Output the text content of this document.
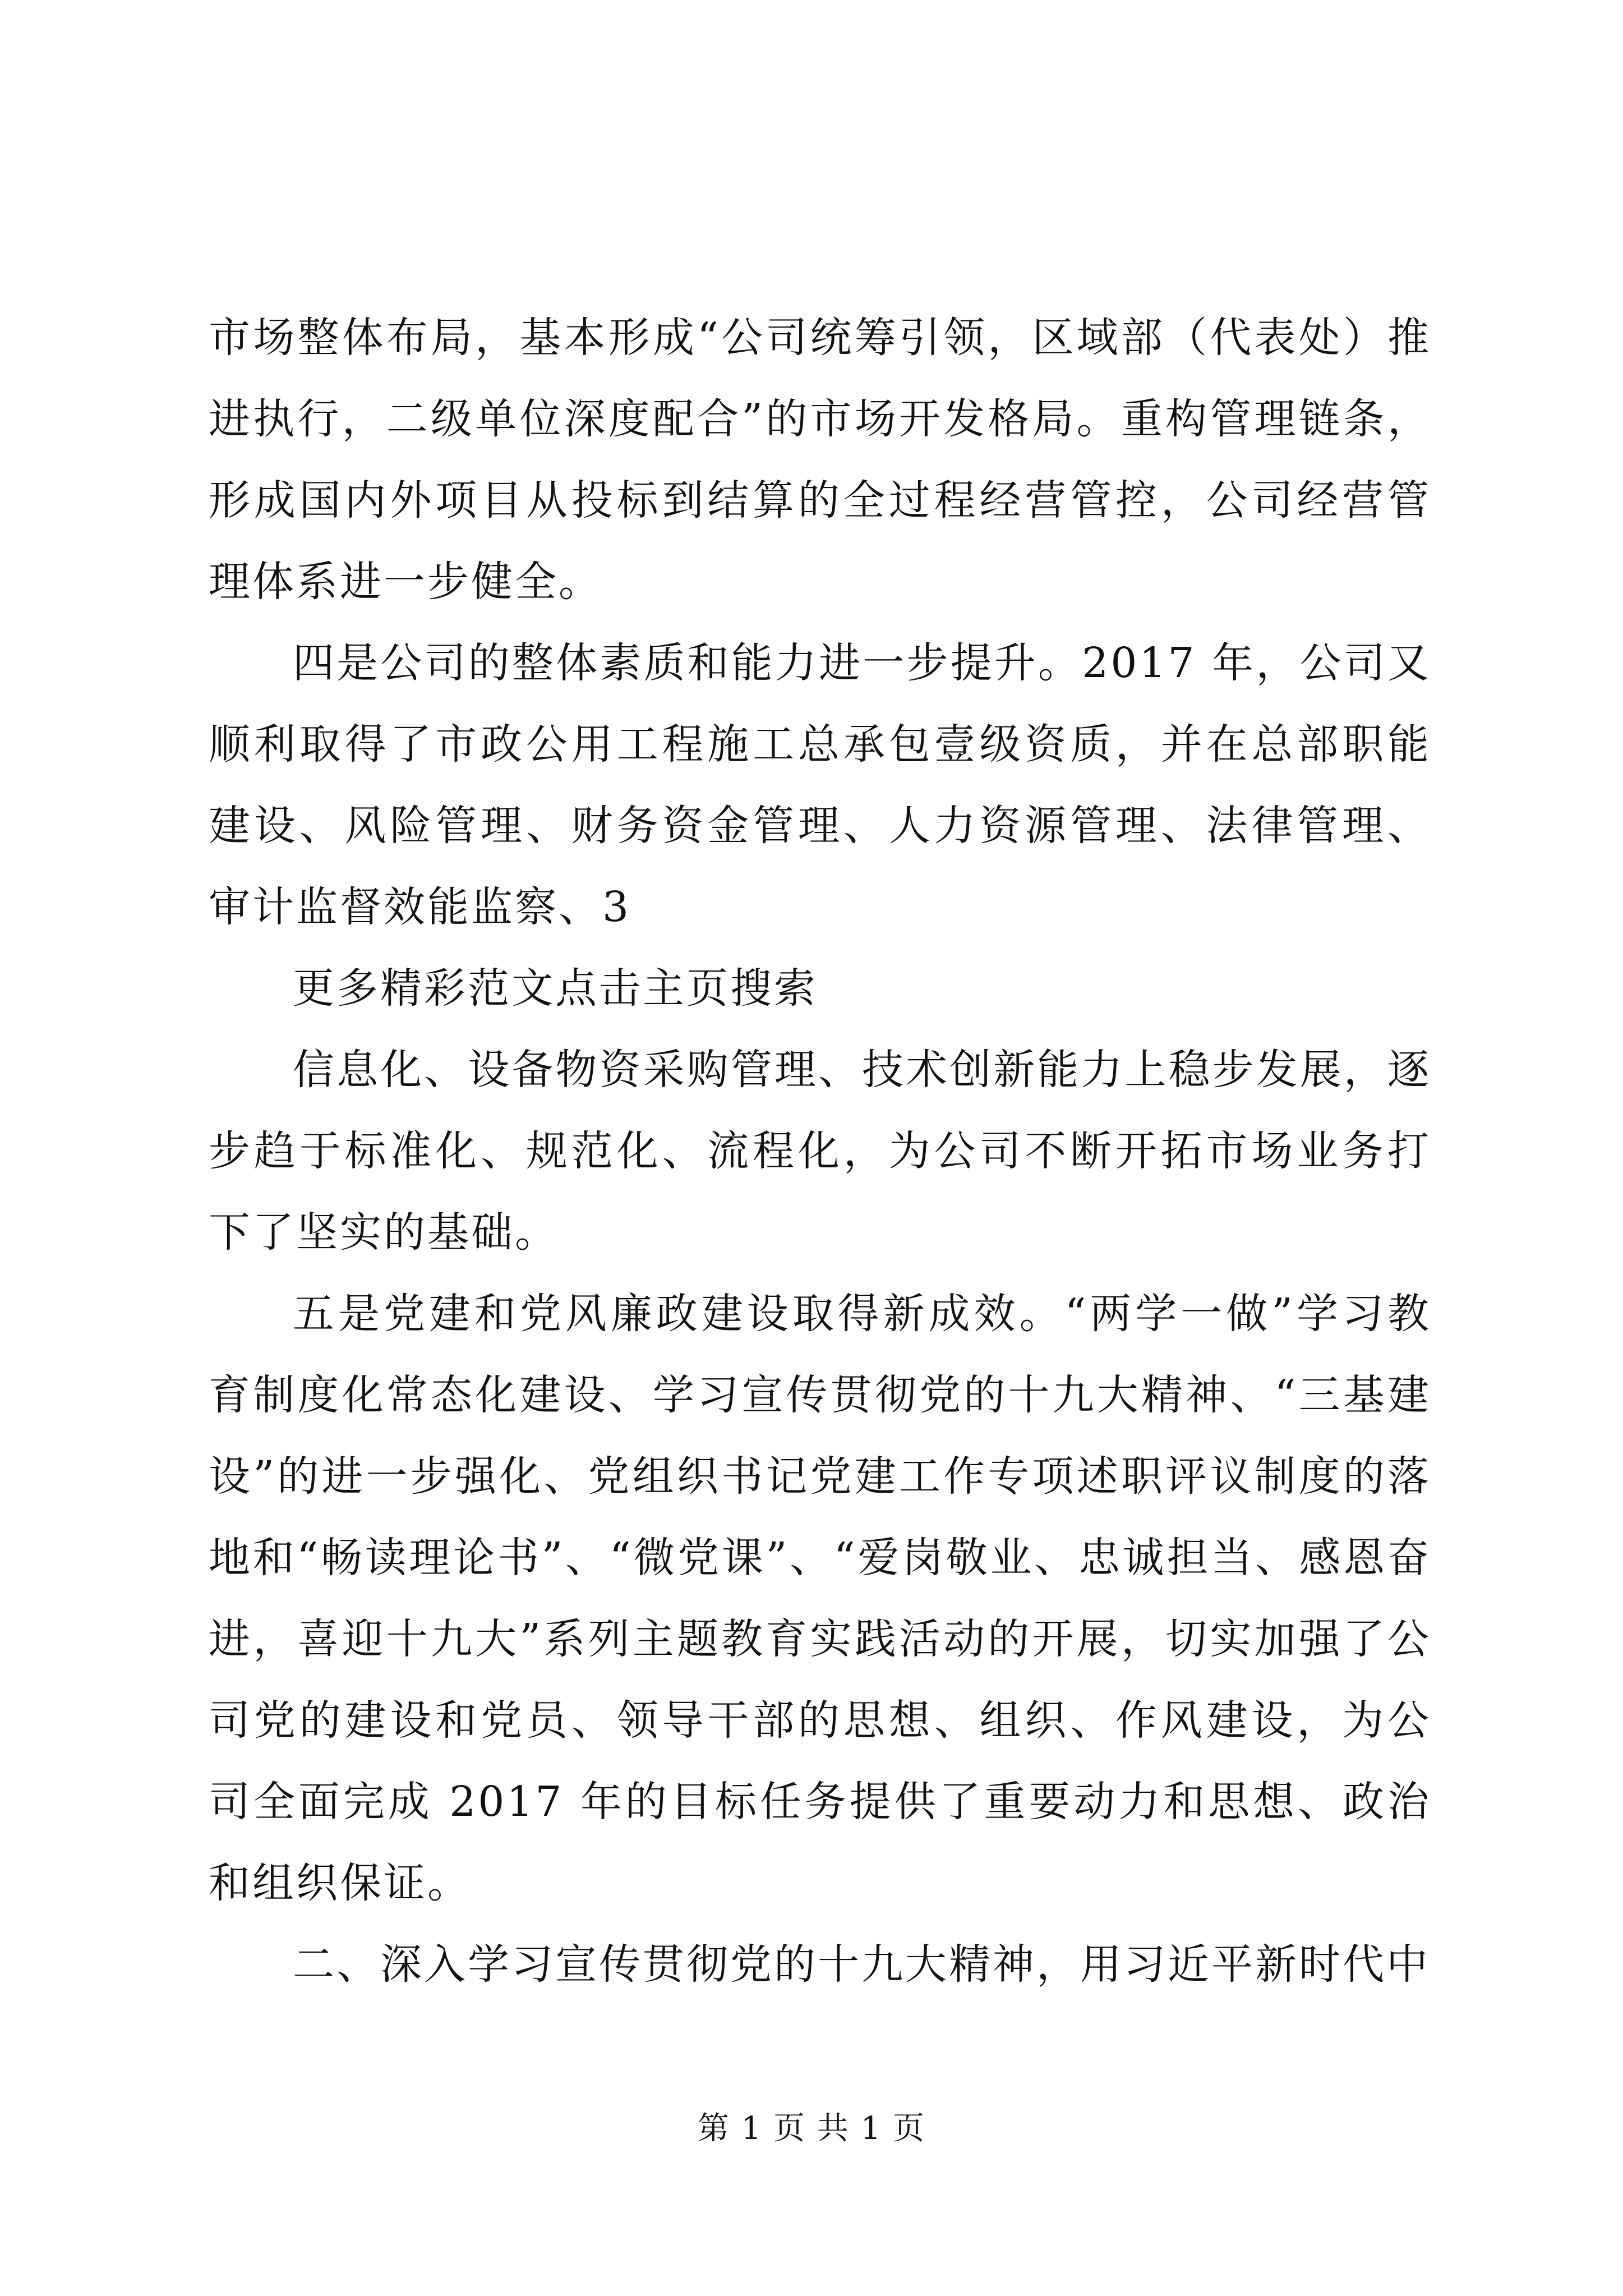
市场整体布局，基本形成“公司统筹引领，区域部（代表处）推进执行，二级单位深度配合”的市场开发格局。重构管理链条，形成国内外项目从投标到结算的全过程经营管控，公司经营管理体系进一步健全。

四是公司的整体素质和能力进一步提升。2017 年，公司又顺利取得了市政公用工程施工总承包壹级资质，并在总部职能建设、风险管理、财务资金管理、人力资源管理、法律管理、审计监督效能监察、3

更多精彩范文点击主页搜索

信息化、设备物资采购管理、技术创新能力上稳步发展，逐步趋于标准化、规范化、流程化，为公司不断开拓市场业务打下了坚实的基础。

五是党建和党风廉政建设取得新成效。“两学一做”学习教育制度化常态化建设、学习宣传贯彻党的十九大精神、“三基建设”的进一步强化、党组织书记党建工作专项述职评议制度的落地和“畅读理论书”、“微党课”、“爱岗敬业、忠诚担当、感恩奋进，喜迎十九大”系列主题教育实践活动的开展，切实加强了公司党的建设和党员、领导干部的思想、组织、作风建设，为公司全面完成 2017 年的目标任务提供了重要动力和思想、政治和组织保证。

二、深入学习宣传贯彻党的十九大精神，用习近平新时代中

第 1 页 共 1 页
